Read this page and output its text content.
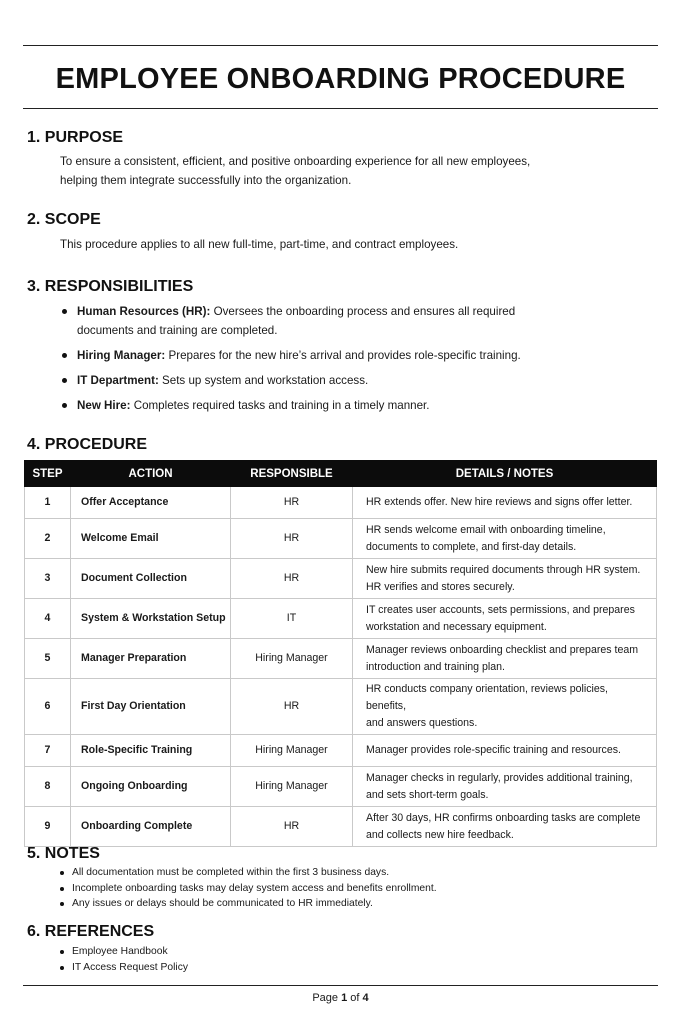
EMPLOYEE ONBOARDING PROCEDURE
1. PURPOSE
To ensure a consistent, efficient, and positive onboarding experience for all new employees,
helping them integrate successfully into the organization.
2. SCOPE
This procedure applies to all new full-time, part-time, and contract employees.
3. RESPONSIBILITIES
Human Resources (HR): Oversees the onboarding process and ensures all required
documents and training are completed.
Hiring Manager: Prepares for the new hire’s arrival and provides role-specific training.
IT Department: Sets up system and workstation access.
New Hire: Completes required tasks and training in a timely manner.
4. PROCEDURE
STEP	ACTION	RESPONSIBLE	DETAILS / NOTES
1	Offer Acceptance	HR	HR extends offer. New hire reviews and signs offer letter.

2	Welcome Email	HR	HR sends welcome email with onboarding timeline,
documents to complete, and first-day details.

3	Document Collection	HR	New hire submits required documents through HR system.
HR verifies and stores securely.

4	System & Workstation Setup	IT	IT creates user accounts, sets permissions, and prepares
workstation and necessary equipment.

5	Manager Preparation	Hiring Manager	Manager reviews onboarding checklist and prepares team
introduction and training plan.

6	First Day Orientation	HR	HR conducts company orientation, reviews policies, benefits,
and answers questions.

7	Role-Specific Training	Hiring Manager	Manager provides role-specific training and resources.

8	Ongoing Onboarding	Hiring Manager	Manager checks in regularly, provides additional training,
and sets short-term goals.

9	Onboarding Complete	HR	After 30 days, HR confirms onboarding tasks are complete
and collects new hire feedback.
5. NOTES
All documentation must be completed within the first 3 business days.
Incomplete onboarding tasks may delay system access and benefits enrollment.
Any issues or delays should be communicated to HR immediately.
6. REFERENCES
Employee Handbook
IT Access Request Policy
Page 1 of 4
